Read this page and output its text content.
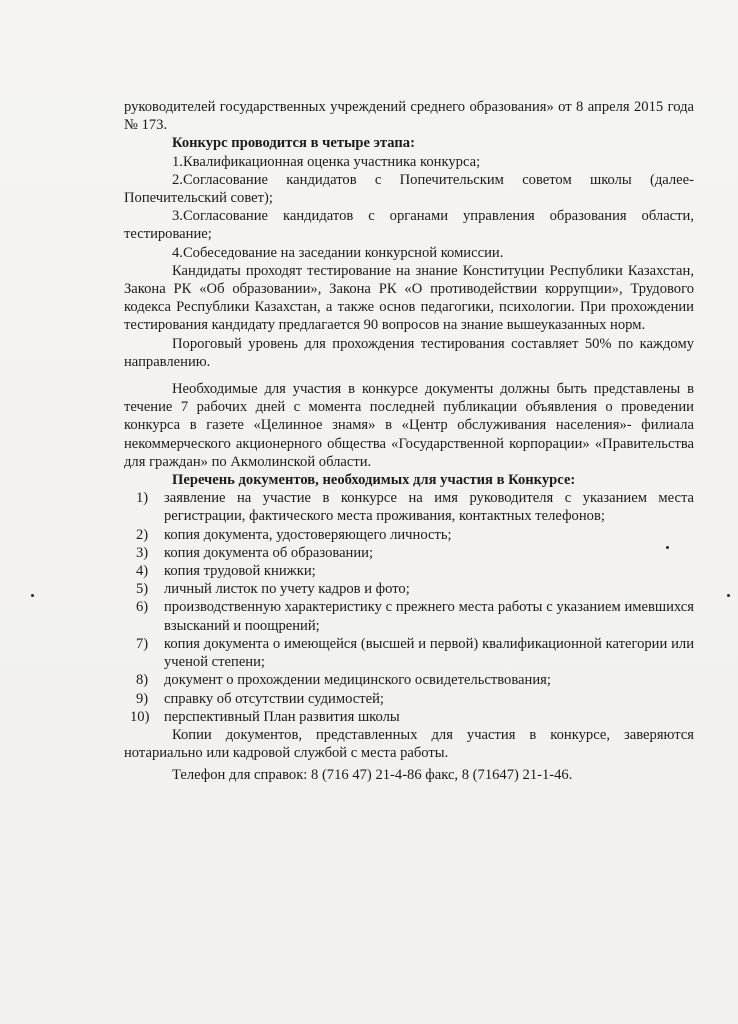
руководителей государственных учреждений среднего образования» от 8 апреля 2015 года № 173.

Конкурс проводится в четыре этапа:

1.Квалификационная оценка участника конкурса;

2.Согласование кандидатов с Попечительским советом школы (далее-Попечительский совет);

3.Согласование кандидатов с органами управления образования области, тестирование;

4.Собеседование на заседании конкурсной комиссии.

Кандидаты проходят тестирование на знание Конституции Республики Казахстан, Закона РК «Об образовании», Закона РК «О противодействии коррупции», Трудового кодекса Республики Казахстан, а также основ педагогики, психологии. При прохождении тестирования кандидату предлагается 90 вопросов на знание вышеуказанных норм.

Пороговый уровень для прохождения тестирования составляет 50% по каждому направлению.

Необходимые для участия в конкурсе документы должны быть представлены в течение 7 рабочих дней с момента последней публикации объявления о проведении конкурса в газете «Целинное знамя» в «Центр обслуживания населения»- филиала некоммерческого акционерного общества «Государственной корпорации» «Правительства для граждан» по Акмолинской области.

Перечень документов, необходимых для участия в Конкурсе:

1)	заявление на участие в конкурсе на имя руководителя с указанием места регистрации, фактического места проживания, контактных телефонов;
2)	копия документа, удостоверяющего личность;
3)	копия документа об образовании;
4)	копия трудовой книжки;
5)	личный листок по учету кадров и фото;
6)	производственную характеристику с прежнего места работы с указанием имевшихся взысканий и поощрений;
7)	копия документа о имеющейся (высшей и первой) квалификационной категории или ученой степени;
8)	документ о прохождении медицинского освидетельствования;
9)	справку об отсутствии судимостей;
10) перспективный План развития школы

Копии документов, представленных для участия в конкурсе, заверяются нотариально или кадровой службой с места работы.

Телефон для справок: 8 (716 47) 21-4-86 факс, 8 (71647) 21-1-46.
